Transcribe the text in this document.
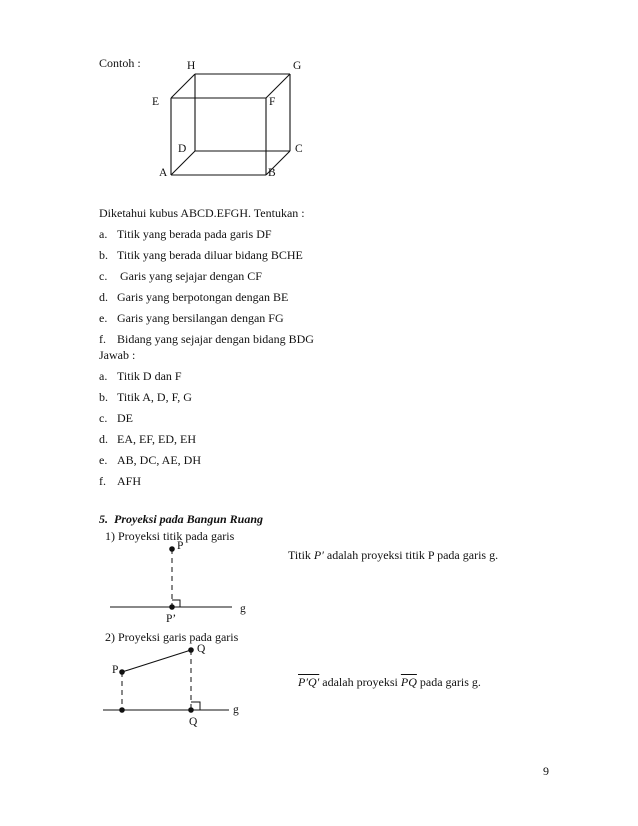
Contoh :	H	G
E	F
D	C
A	B
Diketahui kubus ABCD.EFGH. Tentukan :
a. Titik yang berada pada garis DF
b. Titik yang berada diluar bidang BCHE
c. Garis yang sejajar dengan CF
d. Garis yang berpotongan dengan BE
e. Garis yang bersilangan dengan FG
f. Bidang yang sejajar dengan bidang BDG
Jawab :
a. Titik D dan F
b. Titik A, D, F, G
c. DE
d. EA, EF, ED, EH
e. AB, DC, AE, DH
f. AFH
5.  Proyeksi pada Bangun Ruang
1) Proyeksi titik pada garis
P
P’
g
Titik P′ adalah proyeksi titik P pada garis g.
2) Proyeksi garis pada garis
Q
P
Q
g
P′Q′ adalah proyeksi $\overline{PQ}$ pada garis g.
9
